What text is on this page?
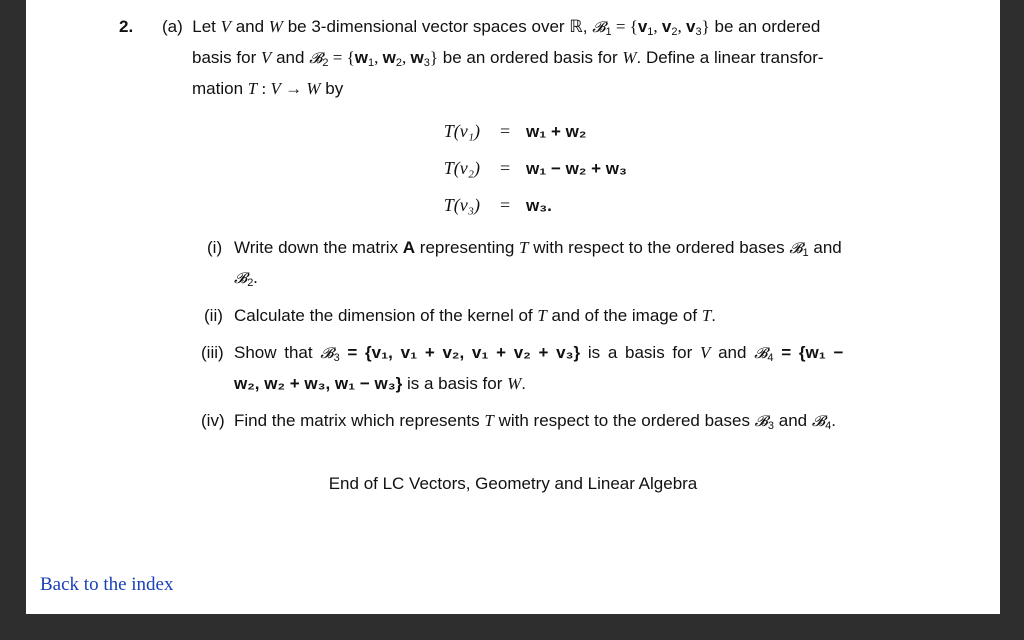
2. (a) Let V and W be 3-dimensional vector spaces over ℝ, 𝓑$_1$ = {$v_1$, $v_2$, $v_3$} be an ordered
basis for V and 𝓑$_2$ = {$w_1$, $w_2$, $w_3$} be an ordered basis for W. Define a linear transfor-
mation T : V → W by
T(v₁) = w₁ + w₂
T(v₂) = w₁ − w₂ + w₃
T(v₃) = w₃.
(i) Write down the matrix A representing T with respect to the ordered bases 𝓑$_1$ and
𝓑$_2$.
(ii) Calculate the dimension of the kernel of T and of the image of T.
(iii) Show that 𝓑$_3$ = {v₁, v₁ + v₂, v₁ + v₂ + v₃} is a basis for V and 𝓑$_4$ = {w₁ −
w₂, w₂ + w₃, w₁ − w₃} is a basis for W.
(iv) Find the matrix which represents T with respect to the ordered bases 𝓑$_3$ and 𝓑$_4$.
End of LC Vectors, Geometry and Linear Algebra
Back to the index
